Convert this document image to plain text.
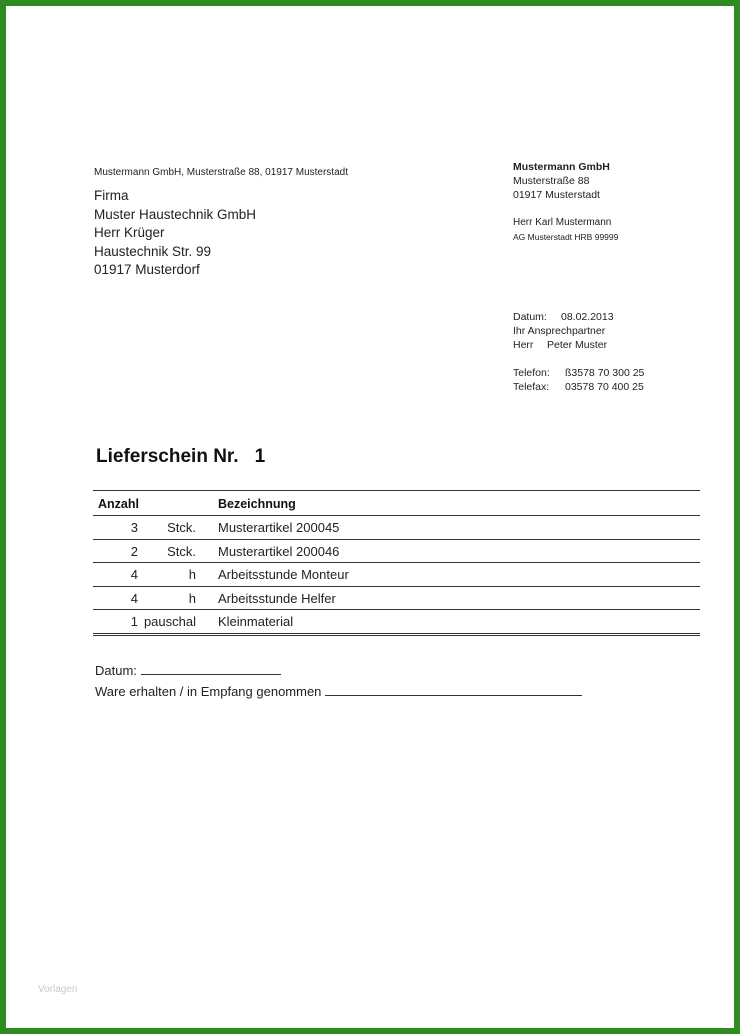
Mustermann GmbH, Musterstraße 88, 01917 Musterstadt
Firma
Muster Haustechnik GmbH
Herr Krüger
Haustechnik Str. 99
01917 Musterdorf
Mustermann GmbH
Musterstraße 88
01917 Musterstadt
Herr Karl Mustermann
AG Musterstadt HRB 99999
Datum: 08.02.2013
Ihr Ansprechpartner
Herr Peter Muster
Telefon: ß3578 70 300 25
Telefax: 03578 70 400 25
Lieferschein Nr. 1
Anzahl	Bezeichnung
3	Stck. Musterartikel 200045
2	Stck. Musterartikel 200046
4	h Arbeitsstunde Monteur
4	h Arbeitsstunde Helfer
1 pauschal Kleinmaterial
Datum:
Ware erhalten / in Empfang genommen
Vorlagen
